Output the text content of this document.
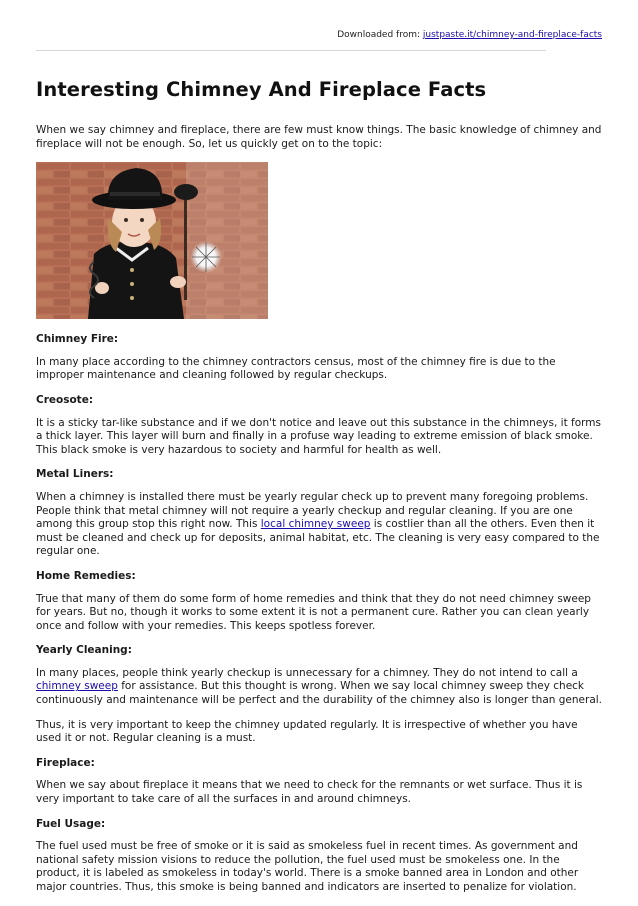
Downloaded from: justpaste.it/chimney-and-fireplace-facts
Interesting Chimney And Fireplace Facts

When we say chimney and fireplace, there are few must know things. The basic knowledge of chimney and fireplace will not be enough. So, let us quickly get on to the topic:

Chimney Fire:

In many place according to the chimney contractors census, most of the chimney fire is due to the improper maintenance and cleaning followed by regular checkups.

Creosote:

It is a sticky tar-like substance and if we don't notice and leave out this substance in the chimneys, it forms a thick layer. This layer will burn and finally in a profuse way leading to extreme emission of black smoke. This black smoke is very hazardous to society and harmful for health as well.

Metal Liners:

When a chimney is installed there must be yearly regular check up to prevent many foregoing problems. People think that metal chimney will not require a yearly checkup and regular cleaning. If you are one among this group stop this right now. This local chimney sweep is costlier than all the others. Even then it must be cleaned and check up for deposits, animal habitat, etc. The cleaning is very easy compared to the regular one.

Home Remedies:

True that many of them do some form of home remedies and think that they do not need chimney sweep for years. But no, though it works to some extent it is not a permanent cure. Rather you can clean yearly once and follow with your remedies. This keeps spotless forever.

Yearly Cleaning:

In many places, people think yearly checkup is unnecessary for a chimney. They do not intend to call a chimney sweep for assistance. But this thought is wrong. When we say local chimney sweep they check continuously and maintenance will be perfect and the durability of the chimney also is longer than general.

Thus, it is very important to keep the chimney updated regularly. It is irrespective of whether you have used it or not. Regular cleaning is a must.

Fireplace:

When we say about fireplace it means that we need to check for the remnants or wet surface. Thus it is very important to take care of all the surfaces in and around chimneys.

Fuel Usage:

The fuel used must be free of smoke or it is said as smokeless fuel in recent times. As government and national safety mission visions to reduce the pollution, the fuel used must be smokeless one. In the product, it is labeled as smokeless in today's world. There is a smoke banned area in London and other major countries. Thus, this smoke is being banned and indicators are inserted to penalize for violation.
